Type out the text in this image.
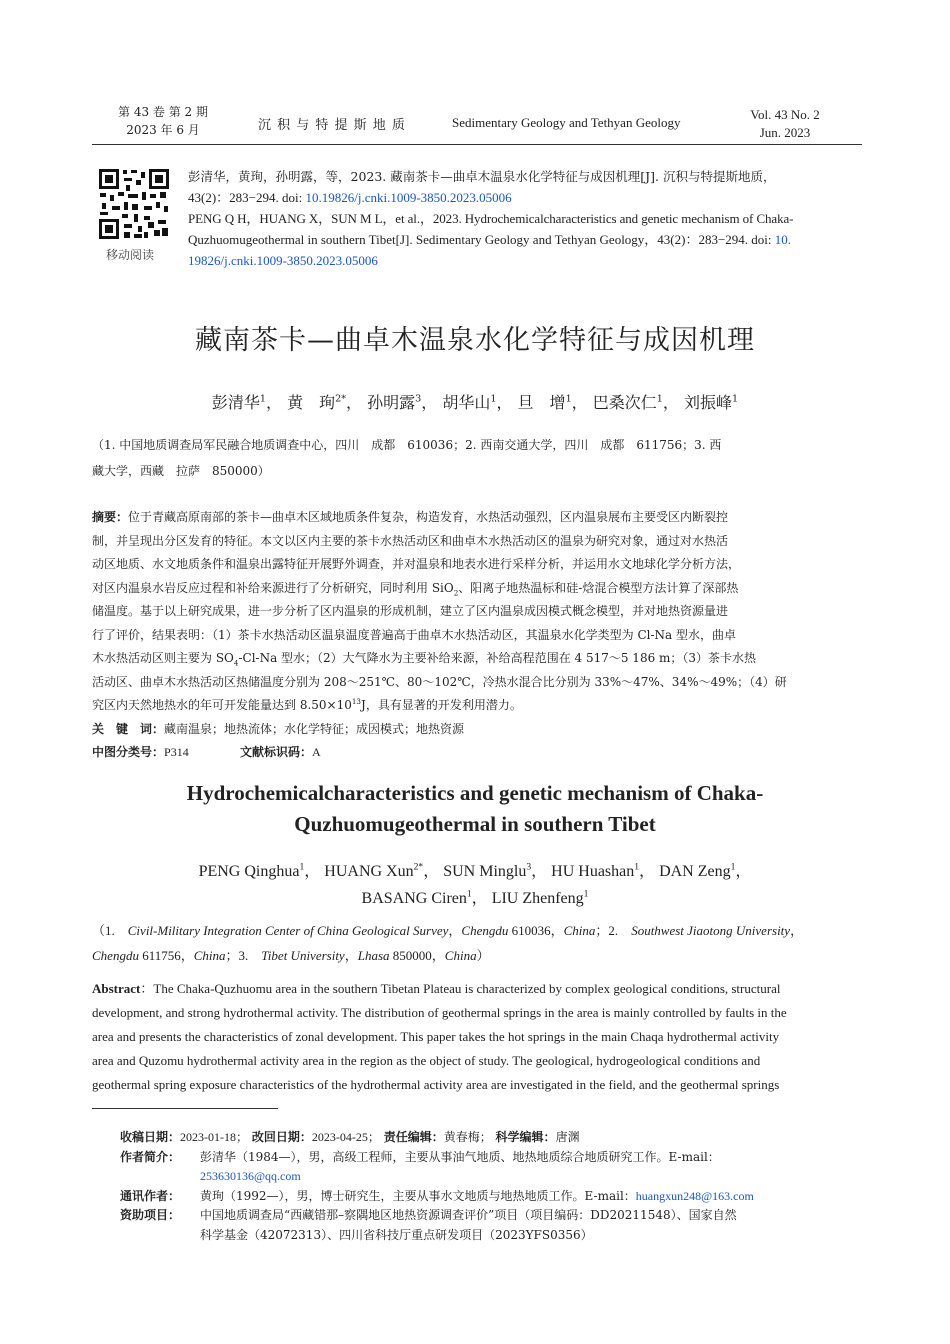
第 43 卷 第 2 期
2023 年 6 月	沉 积 与 特 提 斯 地 质	Sedimentary Geology and Tethyan Geology
Vol. 43 No. 2
Jun. 2023
移动阅读
彭清华，黄珣，孙明露，等，2023. 藏南茶卡—曲卓木温泉水化学特征与成因机理[J]. 沉积与特提斯地质，
43(2)：283−294. doi: 10.19826/j.cnki.1009-3850.2023.05006
PENG Q H，HUANG X，SUN M L，et al.，2023. Hydrochemicalcharacteristics and genetic mechanism of Chaka-
Quzhuomugeothermal in southern Tibet[J]. Sedimentary Geology and Tethyan Geology，43(2)：283−294. doi: 10.
19826/j.cnki.1009-3850.2023.05006
藏南茶卡—曲卓木温泉水化学特征与成因机理
彭清华$^1$， 黄　珣$^{2*}$， 孙明露$^3$， 胡华山$^1$， 旦　增$^1$， 巴桑次仁$^1$， 刘振峰$^1$
（1. 中国地质调查局军民融合地质调查中心，四川　成都　610036；2. 西南交通大学，四川　成都　611756；3. 西
藏大学，西藏　拉萨　850000）
摘要：位于青藏高原南部的茶卡—曲卓木区域地质条件复杂，构造发育，水热活动强烈，区内温泉展布主要受区内断裂控
制，并呈现出分区发育的特征。本文以区内主要的茶卡水热活动区和曲卓木水热活动区的温泉为研究对象，通过对水热活
动区地质、水文地质条件和温泉出露特征开展野外调查，并对温泉和地表水进行采样分析，并运用水文地球化学分析方法，
对区内温泉水岩反应过程和补给来源进行了分析研究，同时利用 SiO$_2$、阳离子地热温标和硅-焓混合模型方法计算了深部热
储温度。基于以上研究成果，进一步分析了区内温泉的形成机制，建立了区内温泉成因模式概念模型，并对地热资源量进
行了评价，结果表明：（1）茶卡水热活动区温泉温度普遍高于曲卓木水热活动区，其温泉水化学类型为 Cl-Na 型水，曲卓
木水热活动区则主要为 $SO_4-Cl-Na$ 型水；（2）大气降水为主要补给来源，补给高程范围在 4 517～5 186 m；（3）茶卡水热
活动区、曲卓木水热活动区热储温度分别为 208～251℃、80～102℃，冷热水混合比分别为 33%～47%、34%～49%；（4）研
究区内天然地热水的年可开发能量达到 $8.50\times 10^{13}J$，具有显著的开发利用潜力。
关　键　词：藏南温泉；地热流体；水化学特征；成因模式；地热资源
中图分类号：P314	文献标识码：A
Hydrochemicalcharacteristics and genetic mechanism of Chaka-
Quzhuomugeothermal in southern Tibet
PENG Qinghua$^1$， HUANG Xun$^{2*}$， SUN Minglu$^3$， HU Huashan$^1$， DAN Zeng$^1$，
BASANG Ciren$^1$， LIU Zhenfeng$^1$
（1.　Civil-Military Integration Center of China Geological Survey，Chengdu 610036，China；2.　Southwest Jiaotong University，
Chengdu 611756，China；3.　Tibet University，Lhasa 850000，China）
Abstract：The Chaka-Quzhuomu area in the southern Tibetan Plateau is characterized by complex geological conditions, structural
development, and strong hydrothermal activity. The distribution of geothermal springs in the area is mainly controlled by faults in the
area and presents the characteristics of zonal development. This paper takes the hot springs in the main Chaqa hydrothermal activity
area and Quzomu hydrothermal activity area in the region as the object of study. The geological, hydrogeological conditions and
geothermal spring exposure characteristics of the hydrothermal activity area are investigated in the field, and the geothermal springs
收稿日期：2023-01-18； 改回日期：2023-04-25； 责任编辑：黄春梅； 科学编辑：唐渊
作者简介：	彭清华（1984—），男，高级工程师，主要从事油气地质、地热地质综合地质研究工作。E-mail：
253630136@qq.com
通讯作者：	黄珣（1992—），男，博士研究生，主要从事水文地质与地热地质工作。E-mail：huangxun248@163.com
资助项目：	中国地质调查局“西藏错那–察隅地区地热资源调查评价”项目（项目编码：DD20211548）、国家自然
科学基金（42072313）、四川省科技厅重点研发项目（2023YFS0356）
